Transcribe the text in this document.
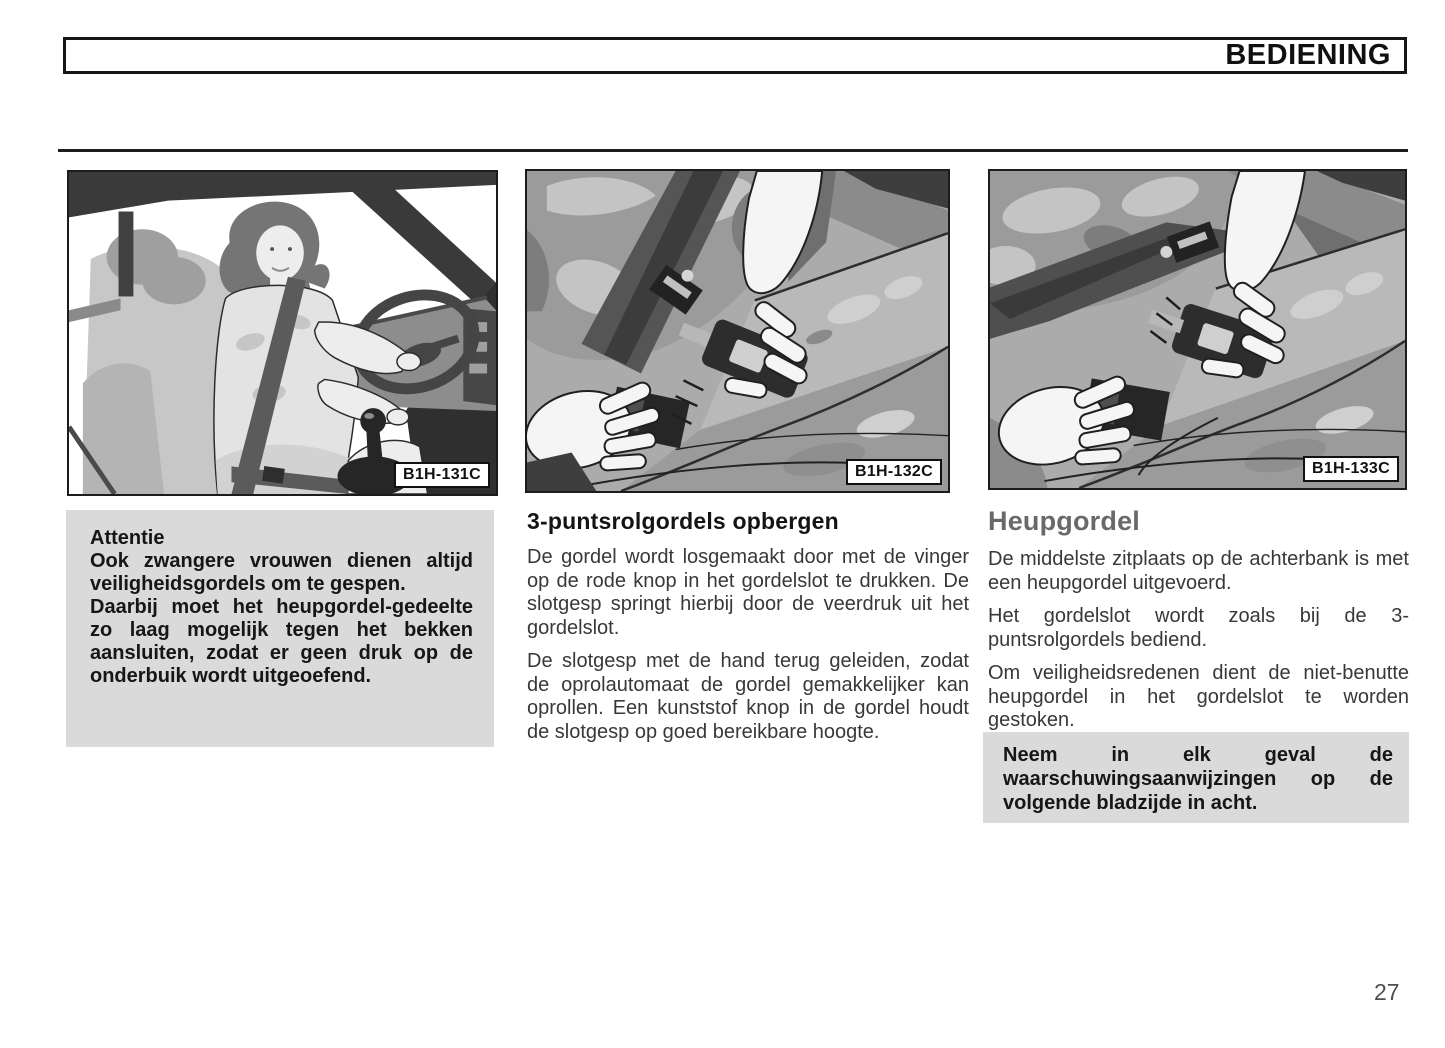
BEDIENING
B1H-131C	B1H-132C	B1H-133C

Attentie

Ook zwangere vrouwen dienen altijd veiligheidsgordels om te gespen.

Daarbij moet het heupgordel-gedeelte zo laag mogelijk tegen het bekken aansluiten, zodat er geen druk op de onderbuik wordt uitgeoefend.

3-puntsrolgordels opbergen

De gordel wordt losgemaakt door met de vinger op de rode knop in het gordelslot te drukken. De slotgesp springt hierbij door de veerdruk uit het gordelslot.

De slotgesp met de hand terug geleiden, zodat de oprolautomaat de gordel gemakkelijker kan oprollen. Een kunststof knop in de gordel houdt de slotgesp op goed bereikbare hoogte.

Heupgordel

De middelste zitplaats op de achterbank is met een heupgordel uitgevoerd.

Het gordelslot wordt zoals bij de 3-puntsrolgordels bediend.

Om veiligheidsredenen dient de niet-benutte heupgordel in het gordelslot te worden gestoken.

Neem in elk geval de waarschuwingsaanwijzingen op de volgende bladzijde in acht.

27
